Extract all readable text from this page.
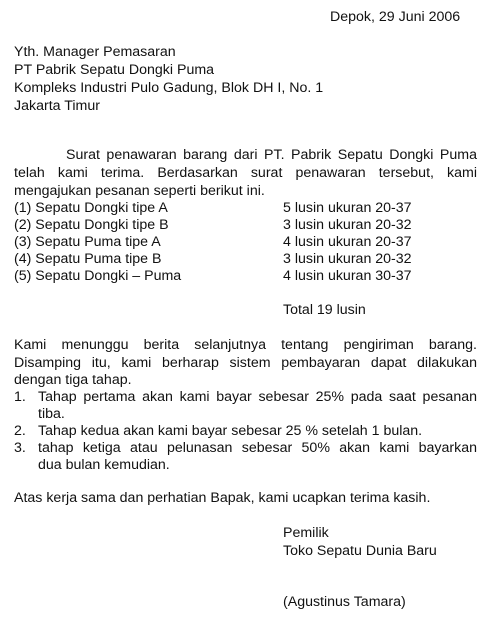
Depok, 29 Juni 2006
Yth. Manager Pemasaran
PT Pabrik Sepatu Dongki Puma
Kompleks Industri Pulo Gadung, Blok DH I, No. 1
Jakarta Timur
Surat penawaran barang dari PT. Pabrik Sepatu Dongki Puma
telah kami terima. Berdasarkan surat penawaran tersebut, kami
mengajukan pesanan seperti berikut ini.
(1) Sepatu Dongki tipe A	5 lusin ukuran 20-37
(2) Sepatu Dongki tipe B	3 lusin ukuran 20-32
(3) Sepatu Puma tipe A	4 lusin ukuran 20-37
(4) Sepatu Puma tipe B	3 lusin ukuran 20-32
(5) Sepatu Dongki – Puma	4 lusin ukuran 30-37
Total 19 lusin
Kami menunggu berita selanjutnya tentang pengiriman barang.
Disamping itu, kami berharap sistem pembayaran dapat dilakukan
dengan tiga tahap.
1. Tahap pertama akan kami bayar sebesar 25% pada saat pesanan
tiba.
2. Tahap kedua akan kami bayar sebesar 25 % setelah 1 bulan.
3. tahap ketiga atau pelunasan sebesar 50% akan kami bayarkan
dua bulan kemudian.
Atas kerja sama dan perhatian Bapak, kami ucapkan terima kasih.
Pemilik
Toko Sepatu Dunia Baru
(Agustinus Tamara)
